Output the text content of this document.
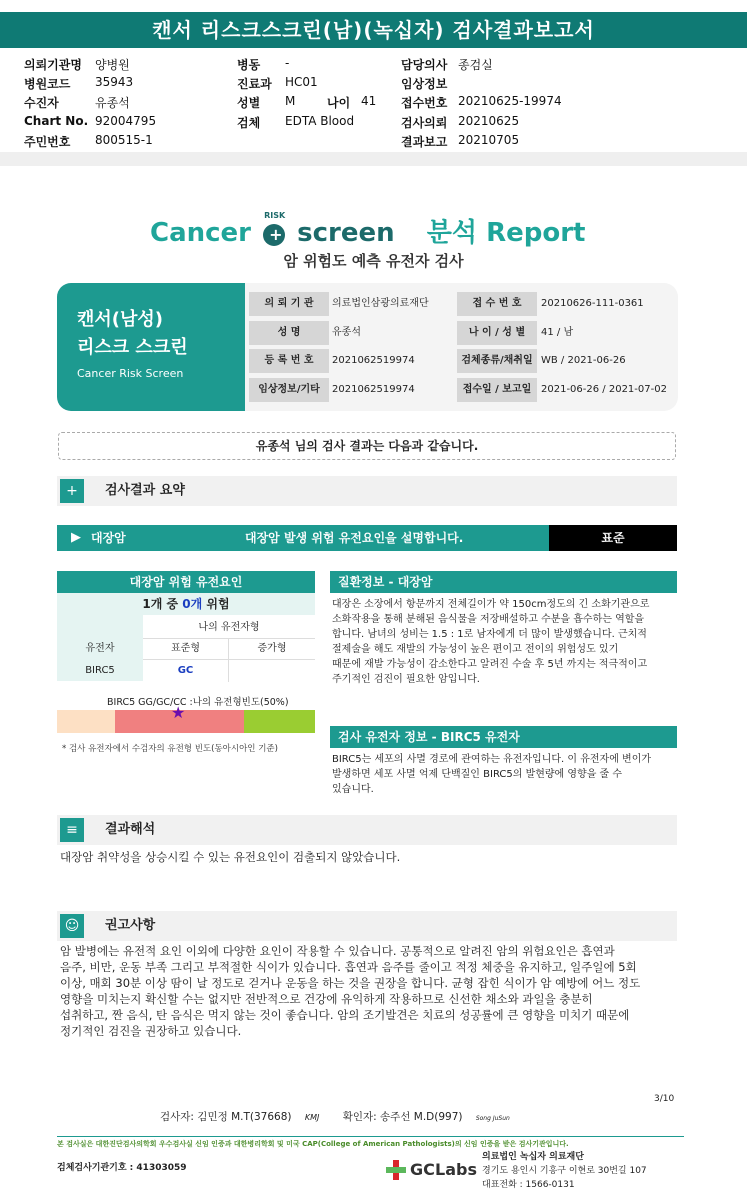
캔서 리스크스크린(남)(녹십자) 검사결과보고서
의뢰기관명 양병원
병원코드 35943
수진자	유종석
Chart No. 92004795
주민번호 800515-1
병동 -
진료과 HC01
성별 M	나이 41
검체 EDTA Blood
담당의사 종검실
임상정보
접수번호 20210625-19974
검사의뢰 20210625
결과보고 20210705
Cancer +
RISK
screen 분석 Report
암 위험도 예측 유전자 검사
캔서(남성)
리스크 스크린
Cancer Risk Screen
의 뢰 기 관	의료법인삼광의료재단	접 수 번 호	20210626-111-0361
성 명	유종석	나 이 / 성 별	41 / 남
등 록 번 호	2021062519974	검체종류/채취일 WB / 2021-06-26
임상정보/기타	2021062519974	접수일 / 보고일 2021-06-26 / 2021-07-02
유종석 님의 검사 결과는 다음과 같습니다.
+	검사결과 요약
▶ 대장암	대장암 발생 위험 유전요인을 설명합니다.	표준
대장암 위험 유전요인
1개 중 0개 위험
나의 유전자형
유전자	표준형	증가형
BIRC5	GC
BIRC5 GG/GC/CC :나의 유전형빈도(50%)
★
* 검사 유전자에서 수검자의 유전형 빈도(동아시아인 기준)
질환정보 - 대장암
대장은 소장에서 항문까지 전체길이가 약 150cm정도의 긴 소화기관으로
소화작용을 통해 분해된 음식물을 저장배설하고 수분을 흡수하는 역할을
합니다. 남녀의 성비는 1.5 : 1로 남자에게 더 많이 발생했습니다. 근치적
절제술을 해도 재발의 가능성이 높은 편이고 전이의 위험성도 있기
때문에 재발 가능성이 감소한다고 알려진 수술 후 5년 까지는 적극적이고
주기적인 검진이 필요한 암입니다.
검사 유전자 정보 - BIRC5 유전자
BIRC5는 세포의 사멸 경로에 관여하는 유전자입니다. 이 유전자에 변이가
발생하면 세포 사멸 억제 단백질인 BIRC5의 발현량에 영향을 줄 수
있습니다.
≡	결과해석
대장암 취약성을 상승시킬 수 있는 유전요인이 검출되지 않았습니다.
☺	권고사항
암 발병에는 유전적 요인 이외에 다양한 요인이 작용할 수 있습니다. 공통적으로 알려진 암의 위험요인은 흡연과
음주, 비만, 운동 부족 그리고 부적절한 식이가 있습니다. 흡연과 음주를 줄이고 적정 체중을 유지하고, 일주일에 5회
이상, 매회 30분 이상 땀이 날 정도로 걷거나 운동을 하는 것을 권장을 합니다. 균형 잡힌 식이가 암 예방에 어느 정도
영향을 미치는지 확신할 수는 없지만 전반적으로 건강에 유익하게 작용하므로 신선한 채소와 과일을 충분히
섭취하고, 짠 음식, 탄 음식은 먹지 않는 것이 좋습니다. 암의 조기발견은 치료의 성공률에 큰 영향을 미치기 때문에
정기적인 검진을 권장하고 있습니다.
3/10
검사자: 김민정 M.T(37668) KMJ 확인자: 송주선 M.D(997) Song JuSun
본 검사실은 대한진단검사의학회 우수검사실 신임 인증과 대한병리학회 및 미국 CAP(College of American Pathologists)의 신임 인증을 받은 검사기관입니다.
검체검사기관기호 : 41303059	GC Labs
의료법인 녹십자 의료재단
경기도 용인시 기흥구 이현로 30번길 107
대표전화 : 1566-0131
